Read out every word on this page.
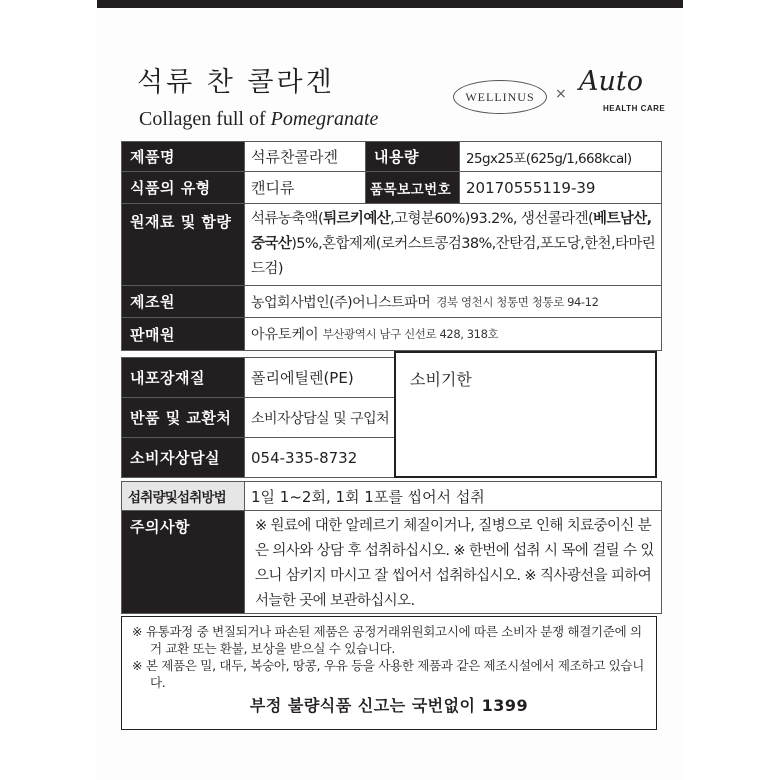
석류 찬 콜라겐
Collagen full of Pomegranate
WELLINUS × Auto
HEALTH CARE
제품명	석류찬콜라겐	내용량	25gx25포(625g/1,668kcal)
식품의 유형	캔디류	품목보고번호 20170555119-39
원재료 및 함량	석류농축액(튀르키예산,고형분60%)93.2%, 생선콜라겐(베트남산, 중국산)5%,혼합제제(로커스트콩검38%,잔탄검,포도당,한천,타마린드검)
제조원	농업회사법인(주)어니스트파머 경북 영천시 청통면 청통로 94-12
판매원	아유토케이 부산광역시 남구 신선로 428, 318호
내포장재질	폴리에틸렌(PE)
반품 및 교환처	소비자상담실 및 구입처
소비자상담실	054-335-8732
섭취량및섭취방법	1일 1~2회, 1회 1포를 씹어서 섭취
주의사항	※ 원료에 대한 알레르기 체질이거나, 질병으로 인해 치료중이신 분은 의사와 상담 후 섭취하십시오. ※ 한번에 섭취 시 목에 걸릴 수 있으니 삼키지 마시고 잘 씹어서 섭취하십시오. ※ 직사광선을 피하여 서늘한 곳에 보관하십시오.
소비기한
※ 유통과정 중 변질되거나 파손된 제품은 공정거래위원회고시에 따른 소비자 분쟁 해결기준에 의거 교환 또는 환불, 보상을 받으실 수 있습니다.
※ 본 제품은 밀, 대두, 복숭아, 땅콩, 우유 등을 사용한 제품과 같은 제조시설에서 제조하고 있습니다.
부정 불량식품 신고는 국번없이 1399
